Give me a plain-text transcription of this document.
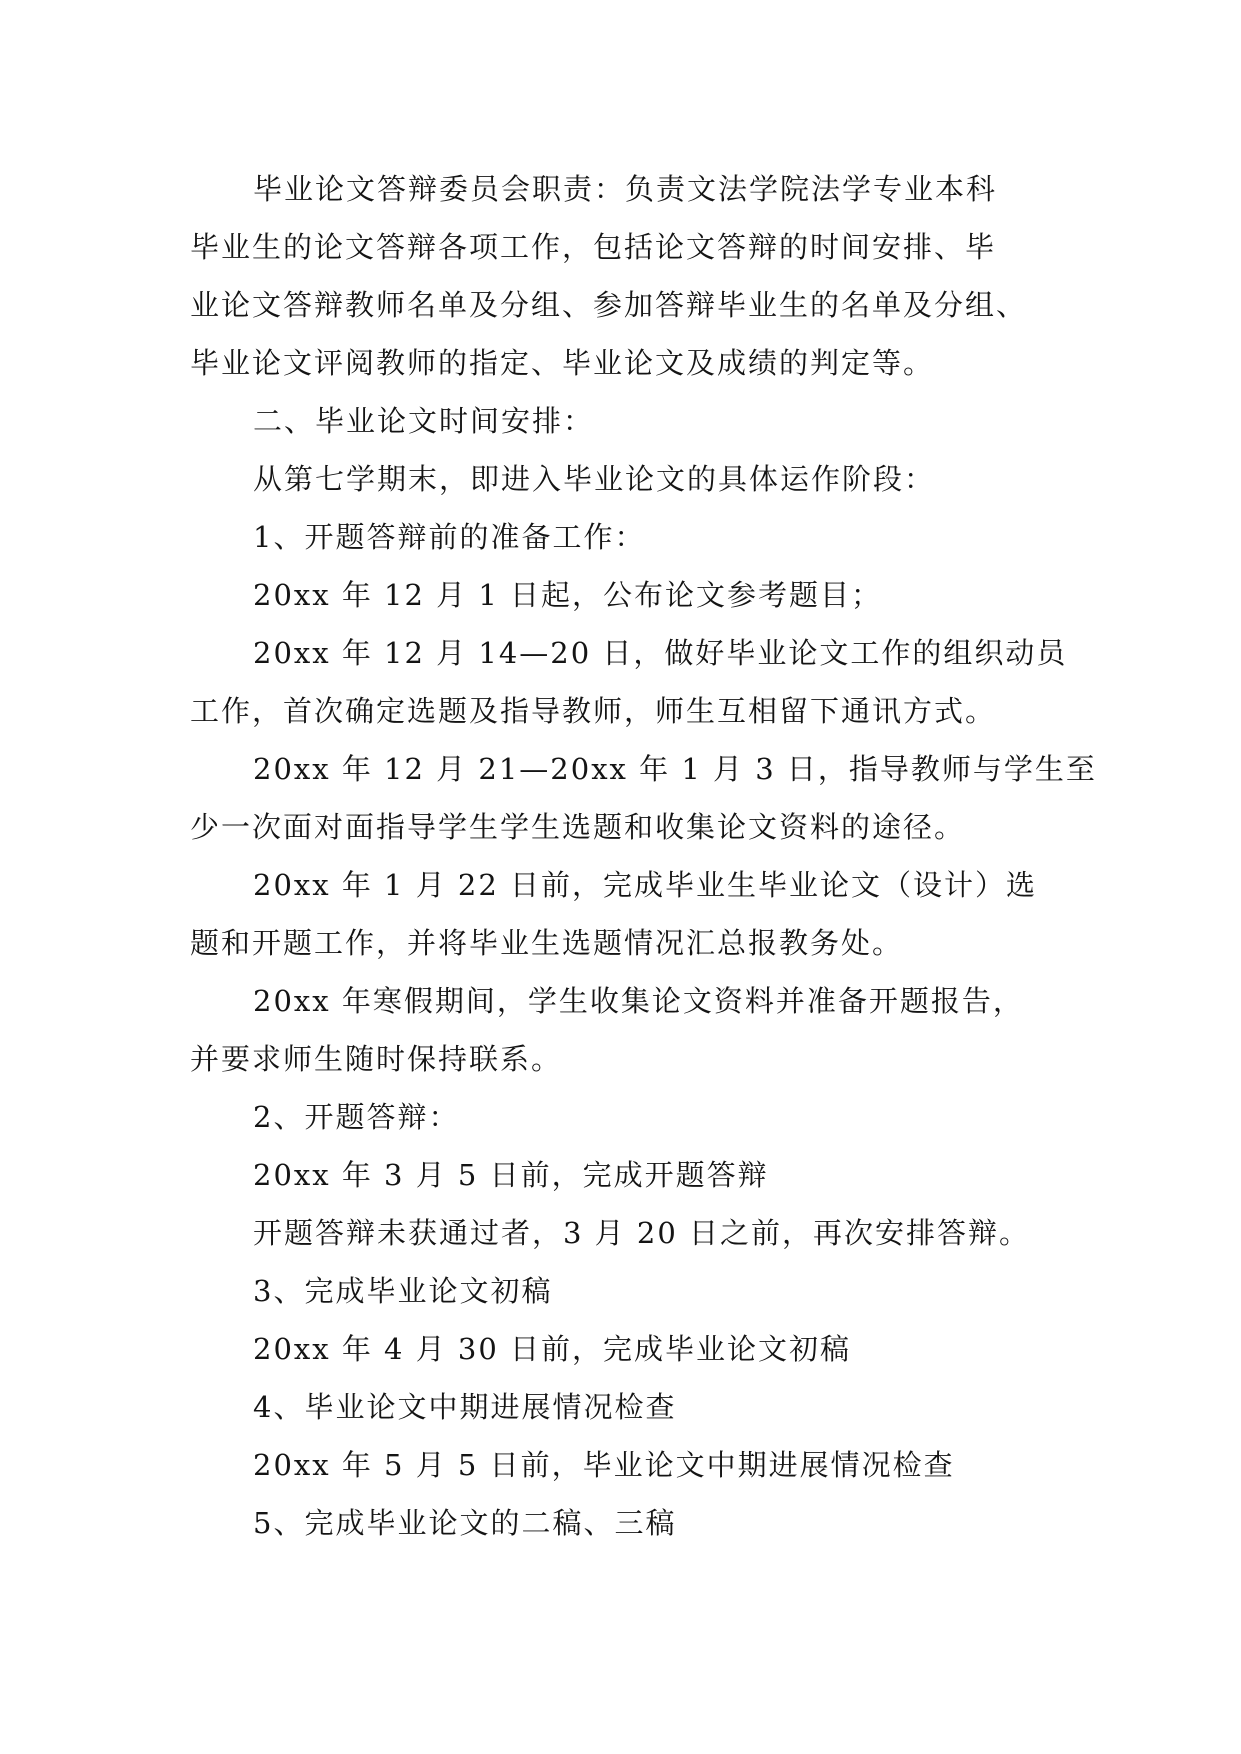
毕业论文答辩委员会职责：负责文法学院法学专业本科
毕业生的论文答辩各项工作，包括论文答辩的时间安排、毕
业论文答辩教师名单及分组、参加答辩毕业生的名单及分组、
毕业论文评阅教师的指定、毕业论文及成绩的判定等。
二、毕业论文时间安排：
从第七学期末，即进入毕业论文的具体运作阶段：
1、开题答辩前的准备工作：
20xx 年 12 月 1 日起，公布论文参考题目；
20xx 年 12 月 14—20 日，做好毕业论文工作的组织动员
工作，首次确定选题及指导教师，师生互相留下通讯方式。
20xx 年 12 月 21—20xx 年 1 月 3 日，指导教师与学生至
少一次面对面指导学生学生选题和收集论文资料的途径。
20xx 年 1 月 22 日前，完成毕业生毕业论文（设计）选
题和开题工作，并将毕业生选题情况汇总报教务处。
20xx 年寒假期间，学生收集论文资料并准备开题报告，
并要求师生随时保持联系。
2、开题答辩：
20xx 年 3 月 5 日前，完成开题答辩
开题答辩未获通过者，3 月 20 日之前，再次安排答辩。
3、完成毕业论文初稿
20xx 年 4 月 30 日前，完成毕业论文初稿
4、毕业论文中期进展情况检查
20xx 年 5 月 5 日前，毕业论文中期进展情况检查
5、完成毕业论文的二稿、三稿
